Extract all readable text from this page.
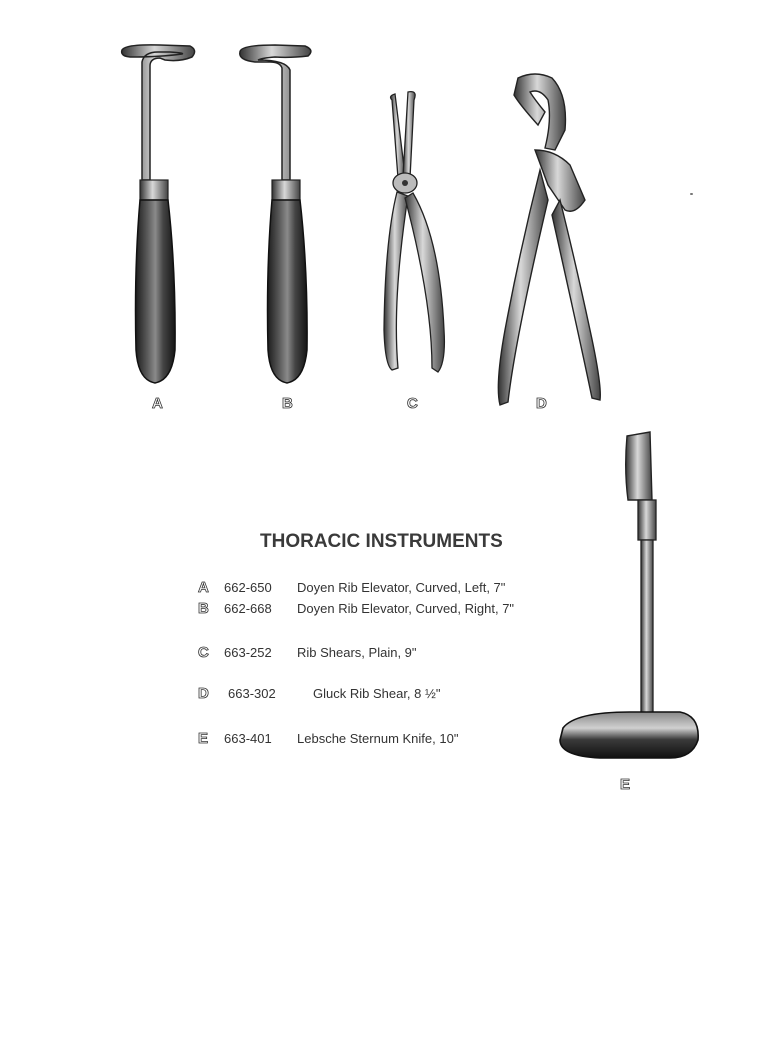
A	B	C	D
E
THORACIC INSTRUMENTS
A 662-650 Doyen Rib Elevator, Curved, Left, 7"
B 662-668 Doyen Rib Elevator, Curved, Right, 7"
C 663-252 Rib Shears, Plain, 9"
D 663-302	Gluck Rib Shear, 8 ½"
E 663-401 Lebsche Sternum Knife, 10"
